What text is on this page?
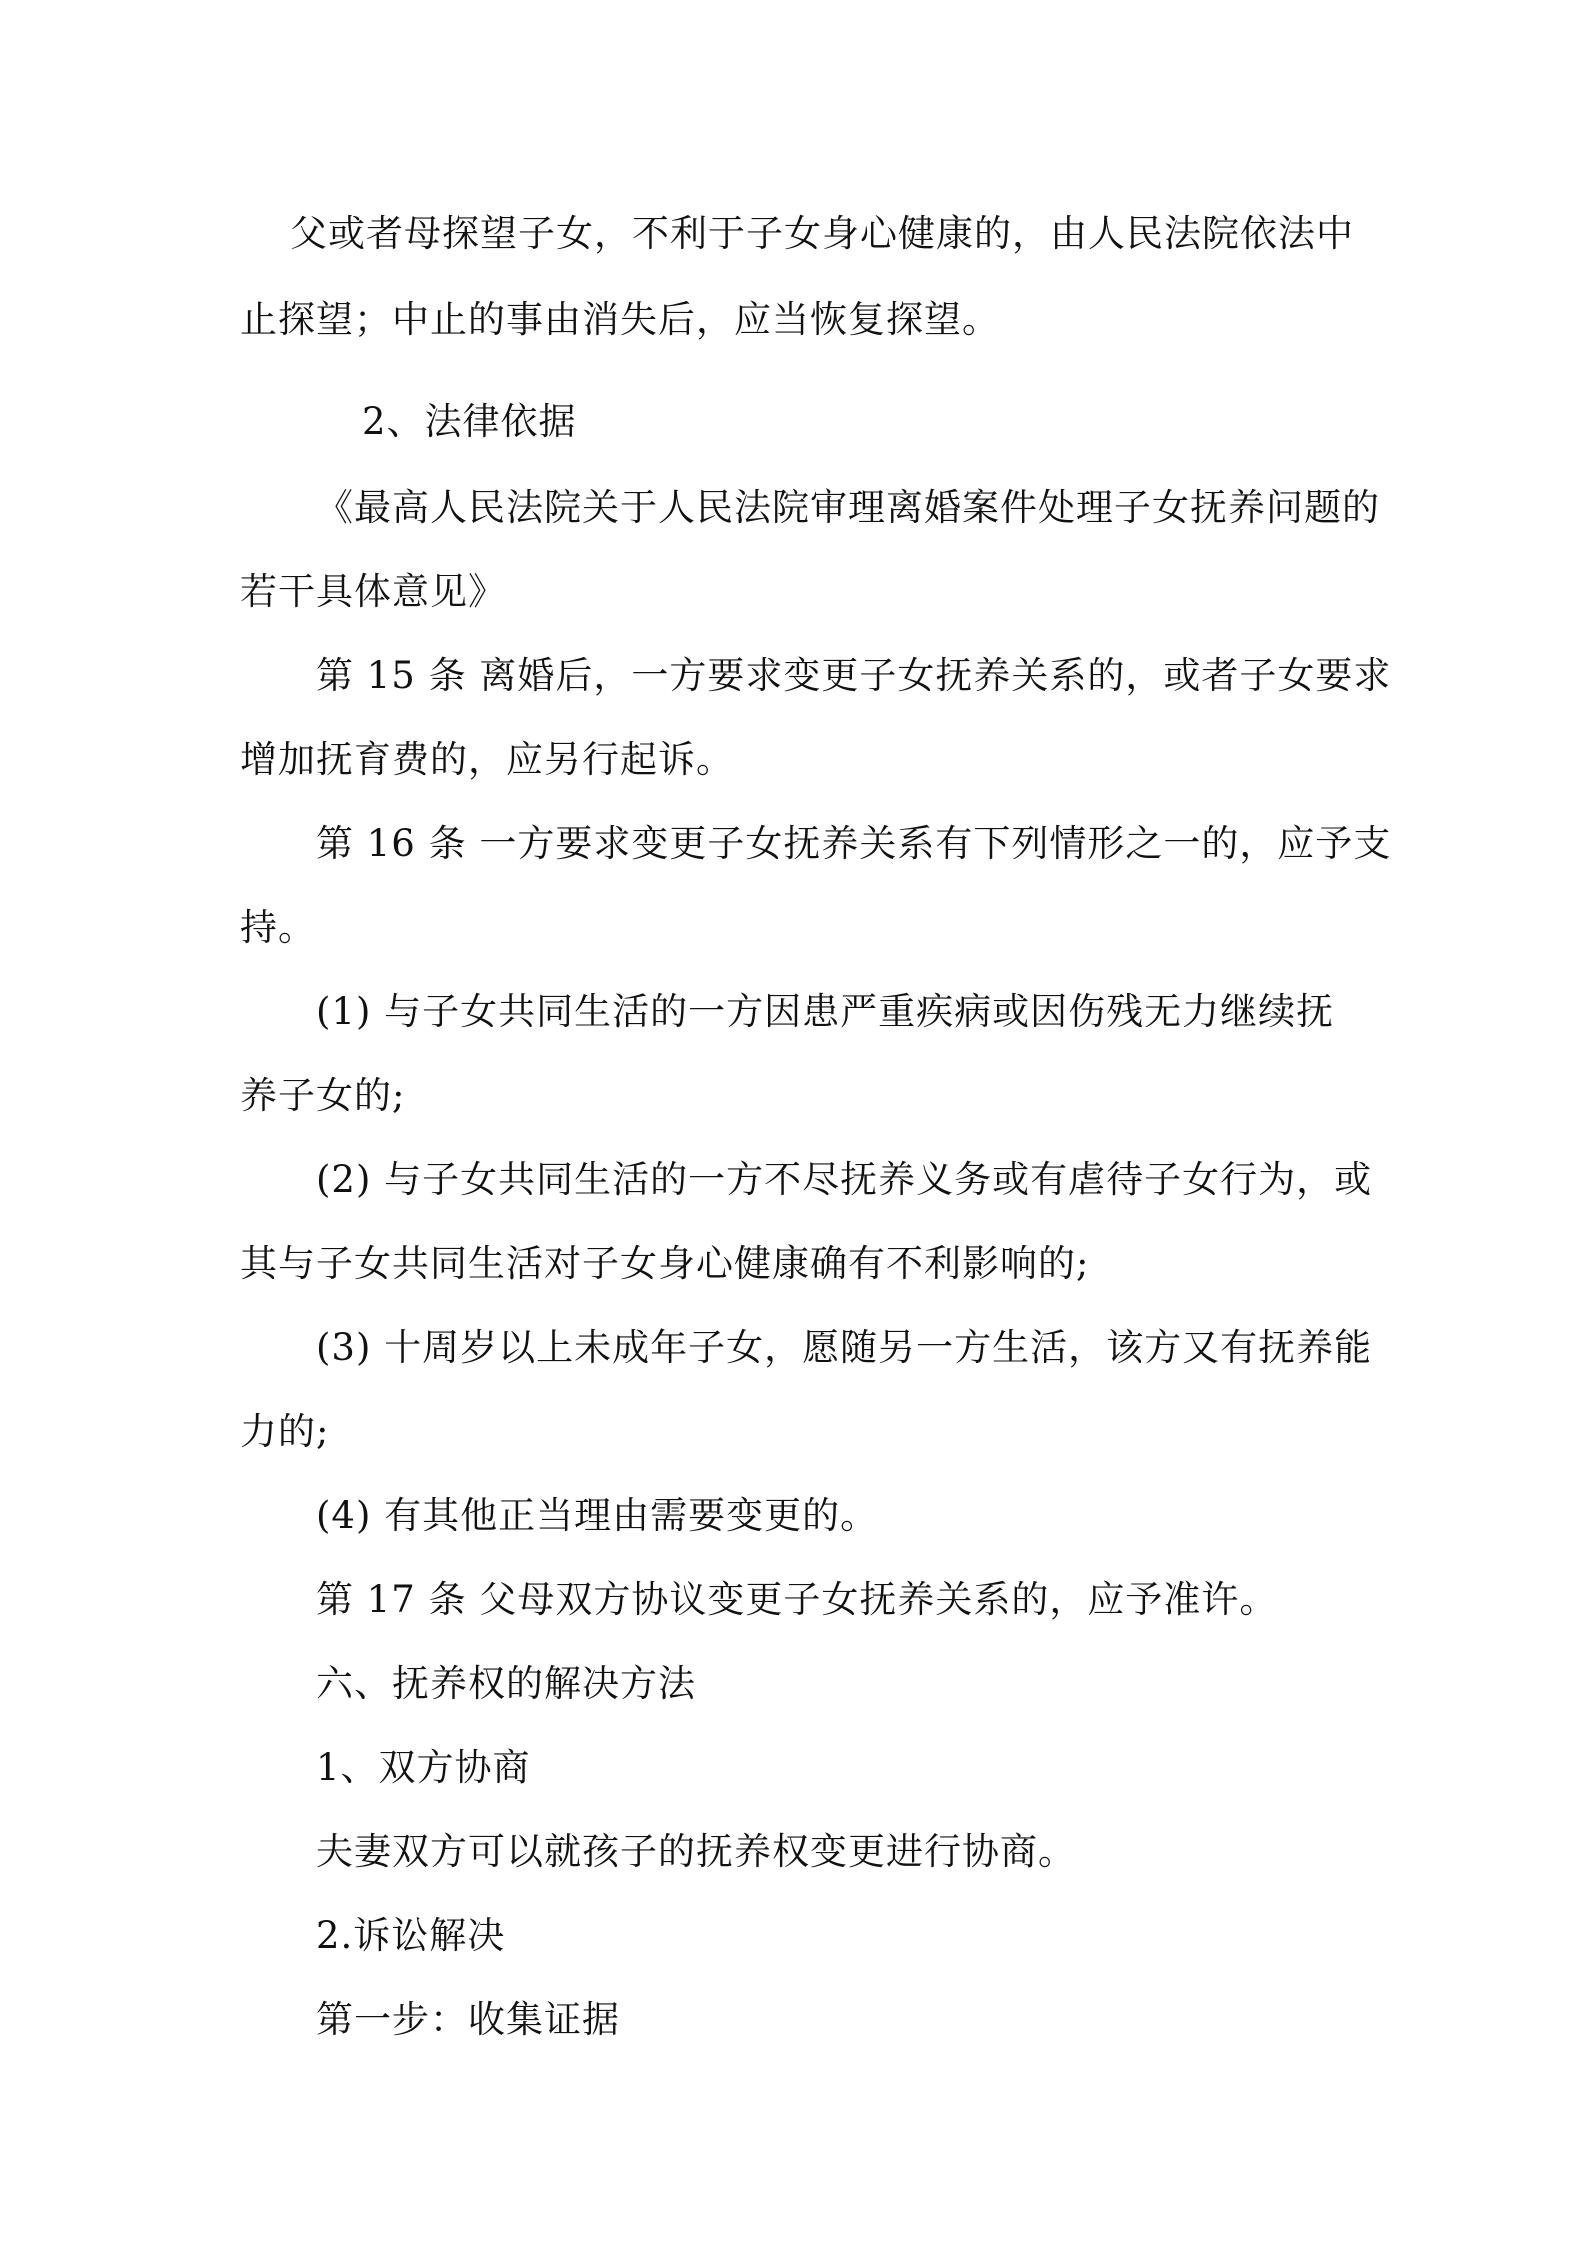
父或者母探望子女，不利于子女身心健康的，由人民法院依法中
止探望；中止的事由消失后，应当恢复探望。
2、法律依据
《最高人民法院关于人民法院审理离婚案件处理子女抚养问题的
若干具体意见》
第 15 条 离婚后，一方要求变更子女抚养关系的，或者子女要求
增加抚育费的，应另行起诉。
第 16 条 一方要求变更子女抚养关系有下列情形之一的，应予支
持。
(1) 与子女共同生活的一方因患严重疾病或因伤残无力继续抚
养子女的;
(2) 与子女共同生活的一方不尽抚养义务或有虐待子女行为，或
其与子女共同生活对子女身心健康确有不利影响的;
(3) 十周岁以上未成年子女，愿随另一方生活，该方又有抚养能
力的;
(4) 有其他正当理由需要变更的。
第 17 条 父母双方协议变更子女抚养关系的，应予准许。
六、抚养权的解决方法
1、双方协商
夫妻双方可以就孩子的抚养权变更进行协商。
2.诉讼解决
第一步：收集证据
